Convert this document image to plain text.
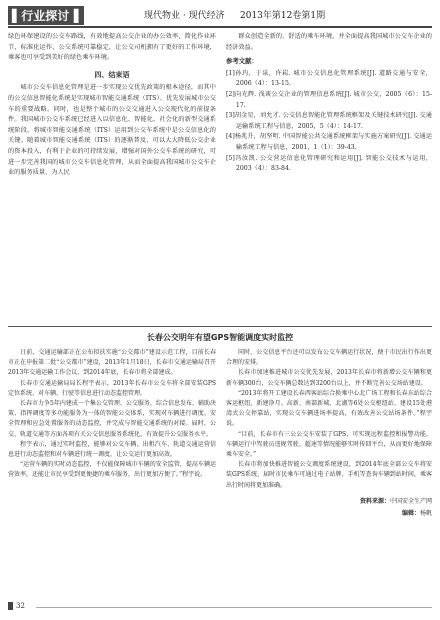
▌行业探讨▐	现代物业 · 现代经济 2013年第12卷第1期

绿色环保建设的公交车路线，有效地提高公交企业的办公效率，简化作业环节，标准化运作，公交系统可靠稳定，让公交司机拥有了更好的工作环境，乘客也可享受到美好的绿色乘车环境。

四、结束语

城市公交车信息化管理是进一步实现公交优先政策的根本途径，而其中的公交信息智能化系统是实现城市智能交通系统（ITS）、优先发展城市公交车的重要战略。同时，也是整个城市的公交交通进入公交现代化的前提条件。我国城市公交车系统已经进入以信息化、智能化、社会化的新型交通系统阶段，将城市智能交通系统（ITS）运用到公交车系统中是公交信息化的关键。随着城市智能交通系统（ITS）的逐渐普及，可以大大降低公交企业的资本投入，有利于企业的可持续发展，增强对国外公交车系统的研究，可进一步完善我国的城市公交车信息化管理，从而全面提高我国城市公交车企业的服务质量，为人民

群众创造全新的、舒适的乘车环境，并全面提高我国城市公交车企业的经济效益。

参考文献：

[1]孙玓，于泉，许崧. 城市公交信息化管理系统[J]. 道路交通与安全，2006（4）：13-15.

[2]向光辉. 浅谈公交企业的管理信息系统[J]. 城市公交，2005（6）：15-17.

[3]胡金星，刘允才. 公交信息智能化管理系统框架及关键技术研究[J]. 交通运输系统工程与信息，2005，5（4）：14-17.

[4]杨兆升，胡坚明. 中国智能公共交通系统框架与实施方案研究[J]. 交通运输系统工程与信息，2001，1（1）：39-43.

[5]冯汝凯. 公交营运信息化管理研究和运用[J]. 智能公交技术与运用，2003（4）：83-84.

长春公交明年有望GPS智能调度实时监控

日前，交通运输部正在公布拟扶实施“公交都市”建设示范工程，目前长春市正在申报第二批“公交都市”建设，2013年1月18日，长春市交通运输局召开2013年交通运输工作会议，到2014年底，长春市将全部建成。

长春市交通运输局局长程宇表示，2013年长春市公交车将全部安装GPS定位系统、对车辆、行驶等信息进行动态监控管理。

长春市力争5年内建成一个集公交管理、公交服务、综合信息发布、辅助决策、指挥调度等多功能服务为一体的智能公交体系，实现对车辆进行调度、安全管理和应急处置服务的动态监控，并完成与智能交通系统的对接。届时，公交、轨道交通等方面各项有关公交信息服务系统化，有效提升公交服务水平。

程宇表示，通过实时监控，能够对公交车辆、出租汽车、轨道交通运营信息进行动态监控和对车辆进行统一调度，让公交运行更加高效。

“运营车辆的实时动态监控，不仅能保障城市车辆的安全监管，提高车辆运营效率，还能让市民享受到更便捷的乘车服务，出行更加方便了。”程宇说。

同时，公交信息平台还可以发布公交车辆运行状况，便于市民出行作出更合理的安排。

长春市加速推进城市公交优先发展，2013年长春市将新增公交车辆和更新车辆300台，公交车辆总数达到3200台以上，并不断完善公交场站建设。

“2013年将开工建设长春西客站综合换乘中心北广场工程和长春东站综合客运枢纽，新建净月、高新、南部新城、北湖等6处公交枢纽站，建设15处港湾式公交停靠站，实现公交车辆进场率提高，有效改善公交站场条件。”程宇说。

“目前，长春市有三公公交车安装了GPS，可实现远程监控和报警功能。车辆运行中驾驶员违规驾驶、超速等情况能够实时传回平台，从而更好地保障乘车安全。”

长春市将加快推进智能公交调度系统建设，到2014年底全部公交车将安装GPS系统，届时市民乘车可通过电子站牌、手机等查询车辆到站时间，乘客出行时间将更加准确。

资料来源：中国安全生产网
编辑：杨帆
32
